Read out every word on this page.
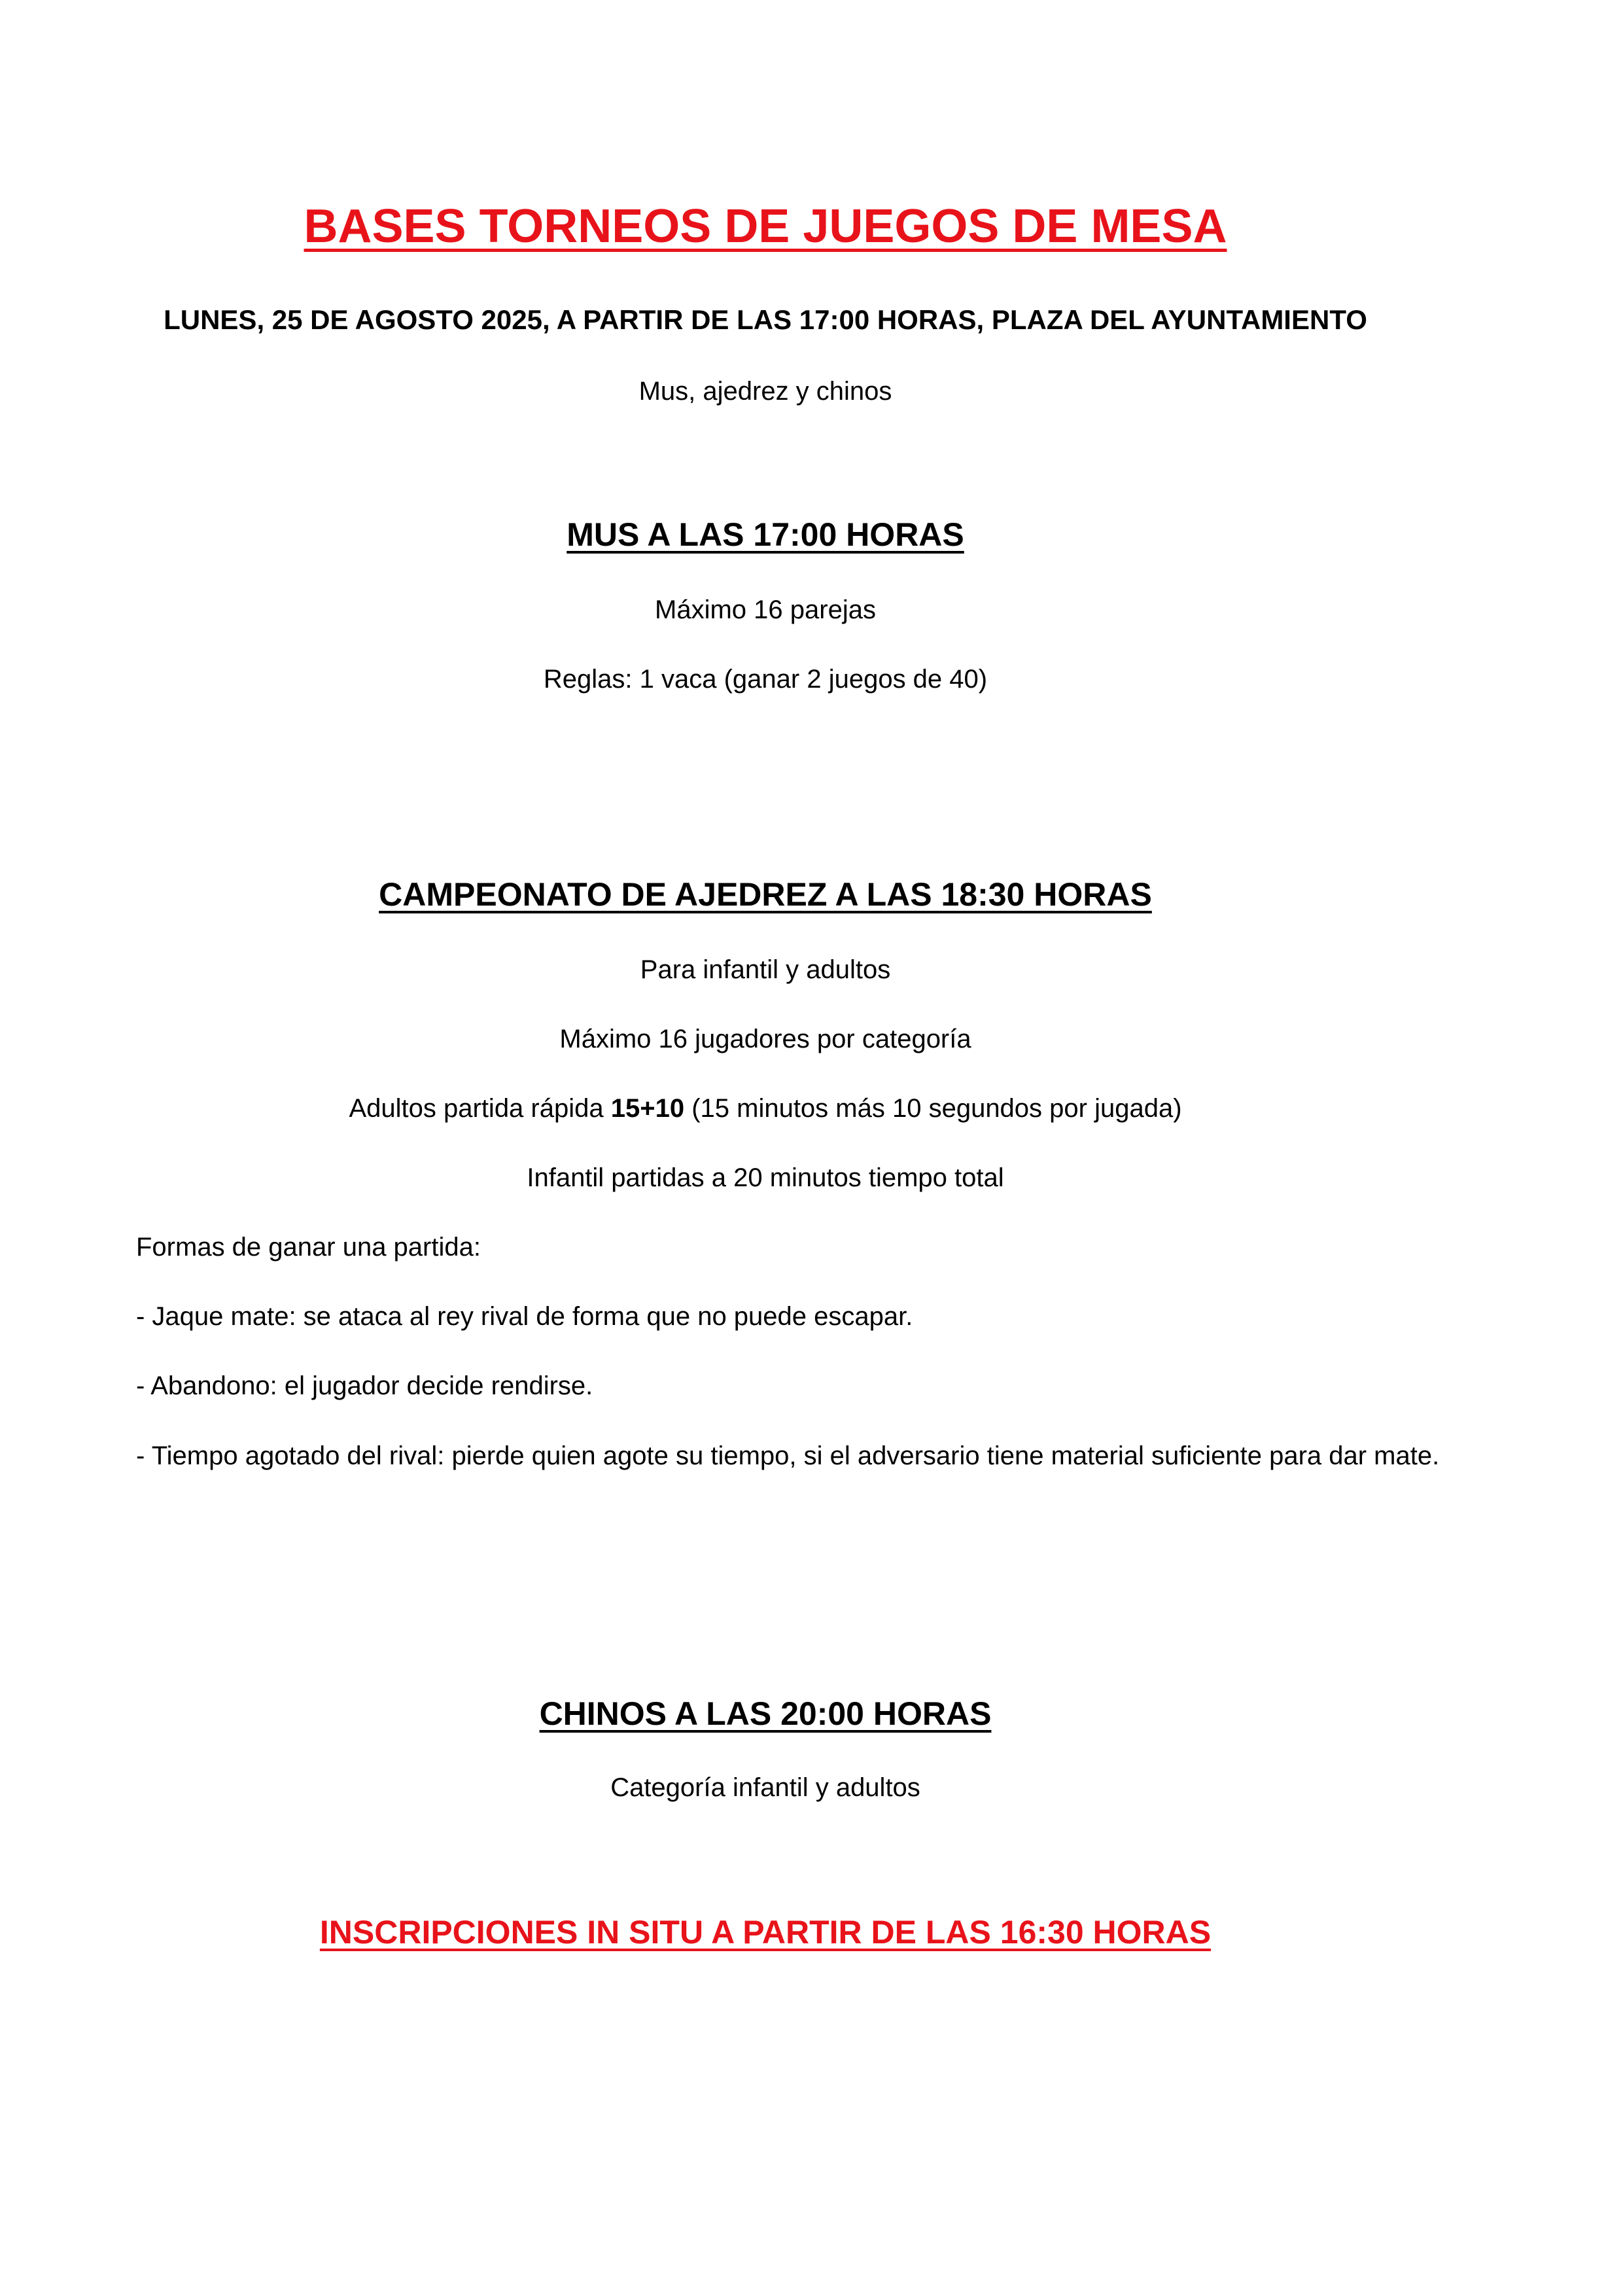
BASES TORNEOS DE JUEGOS DE MESA
LUNES, 25 DE AGOSTO 2025, A PARTIR DE LAS 17:00 HORAS, PLAZA DEL AYUNTAMIENTO
Mus, ajedrez y chinos
MUS A LAS 17:00 HORAS
Máximo 16 parejas
Reglas: 1 vaca (ganar 2 juegos de 40)
CAMPEONATO DE AJEDREZ A LAS 18:30 HORAS
Para infantil y adultos
Máximo 16 jugadores por categoría
Adultos partida rápida 15+10 (15 minutos más 10 segundos por jugada)
Infantil partidas a 20 minutos tiempo total
Formas de ganar una partida:
- Jaque mate: se ataca al rey rival de forma que no puede escapar.
- Abandono: el jugador decide rendirse.
- Tiempo agotado del rival: pierde quien agote su tiempo, si el adversario tiene material suficiente para dar mate.
CHINOS A LAS 20:00 HORAS
Categoría infantil y adultos
INSCRIPCIONES IN SITU A PARTIR DE LAS 16:30 HORAS
